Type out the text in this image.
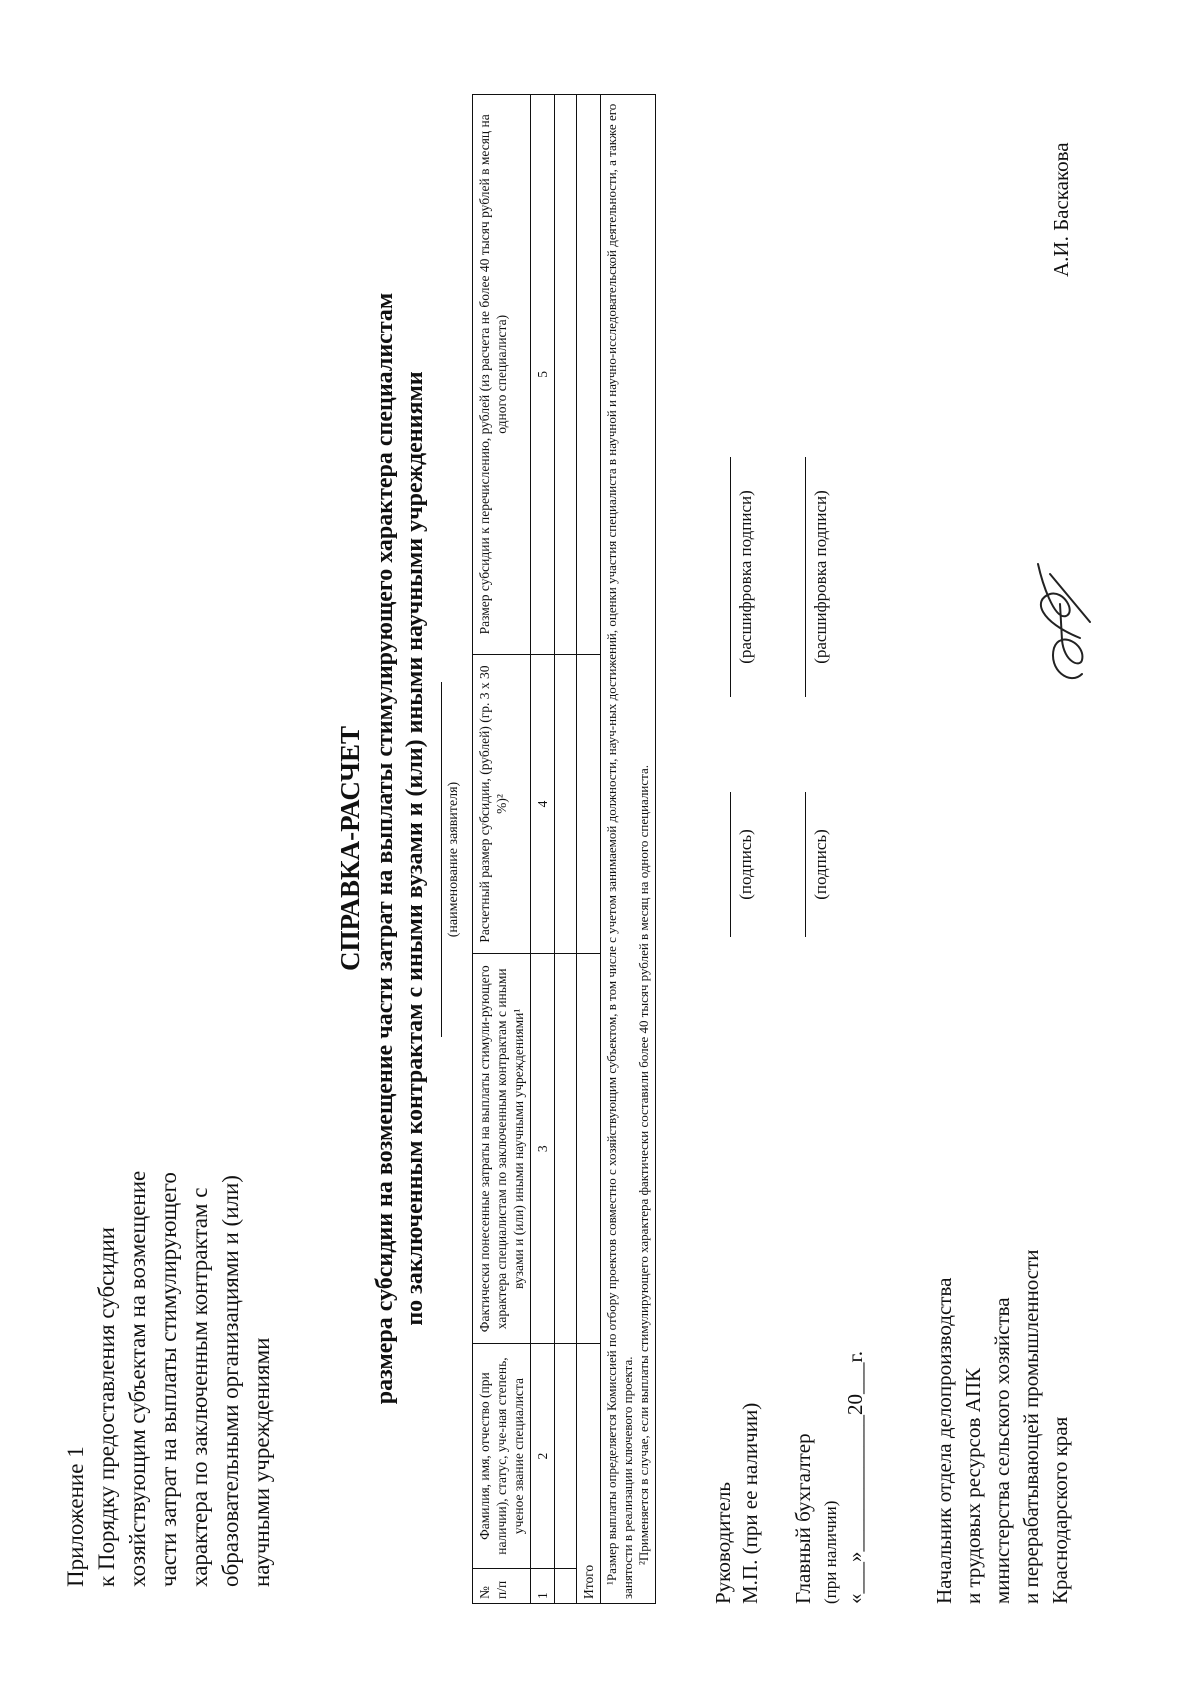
Приложение 1 к Порядку предоставления субсидии хозяйствующим субъектам на возмещение части затрат на выплаты стимулирующего характера по заключенным контрактам с образовательными организациями и (или) научными учреждениями
СПРАВКА-РАСЧЕТ размера субсидии на возмещение части затрат на выплаты стимулирующего характера специалистам по заключенным контрактам с иными вузами и (или) иными научными учреждениями (наименование заявителя)
№ п/п	Фамилия, имя, отчество (при наличии), статус, уче-ная степень, ученое звание специалиста	Фактически понесенные затраты на выплаты стимули-рующего характера специалистам по заключенным контрактам с иными вузами и (или) иными научными учреждениями¹	Расчетный размер субсидии, (рублей) (гр. 3 х 30 %)²	Размер субсидии к перечислению, рублей (из расчета не более 40 тысяч рублей в месяц на одного специалиста)
1	2	3	4	5

Итого				

¹Размер выплаты определяется Комиссией по отбору проектов совместно с хозяйствующим субъектом, в том числе с учетом занимаемой должности, науч-ных достижений, оценки участия специалиста в научной и научно-исследовательской деятельности, а также его занятости в реализации ключевого проекта. ²Применяется в случае, если выплаты стимулирующего характера фактически составили более 40 тысяч рублей в месяц на одного специалиста.					Руководитель М.П. (при ее наличии)
(подпись)
(расшифровка подписи)
Главный бухгалтер (при наличии) «___»_____________20___г.
(подпись)
(расшифровка подписи)
Начальник отдела делопроизводства и трудовых ресурсов АПК министерства сельского хозяйства и перерабатывающей промышленности Краснодарского края
А.И. Баскакова
